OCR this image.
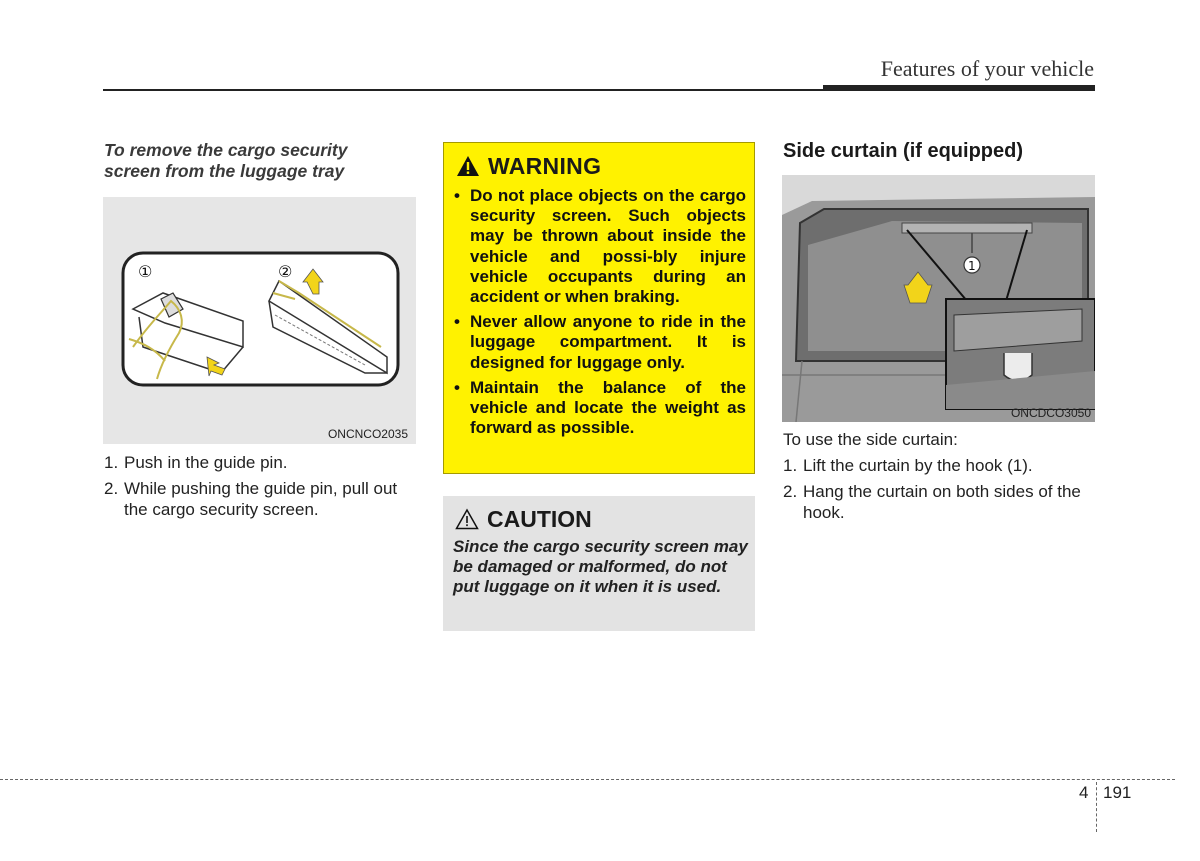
Features of your vehicle
To remove the cargo security screen from the luggage tray
①	②
ONCNCO2035
1. Push in the guide pin.
2. While pushing the guide pin, pull out the cargo security screen.
WARNING
• Do not place objects on the cargo security screen. Such objects may be thrown about inside the vehicle and possi-bly injure vehicle occupants during an accident or when braking.
• Never allow anyone to ride in the luggage compartment. It is designed for luggage only.
• Maintain the balance of the vehicle and locate the weight as forward as possible.
CAUTION
Since the cargo security screen may be damaged or malformed, do not put luggage on it when it is used.
Side curtain (if equipped)
1
ONCDCO3050
To use the side curtain:
1. Lift the curtain by the hook (1).
2. Hang the curtain on both sides of the hook.
4 191
